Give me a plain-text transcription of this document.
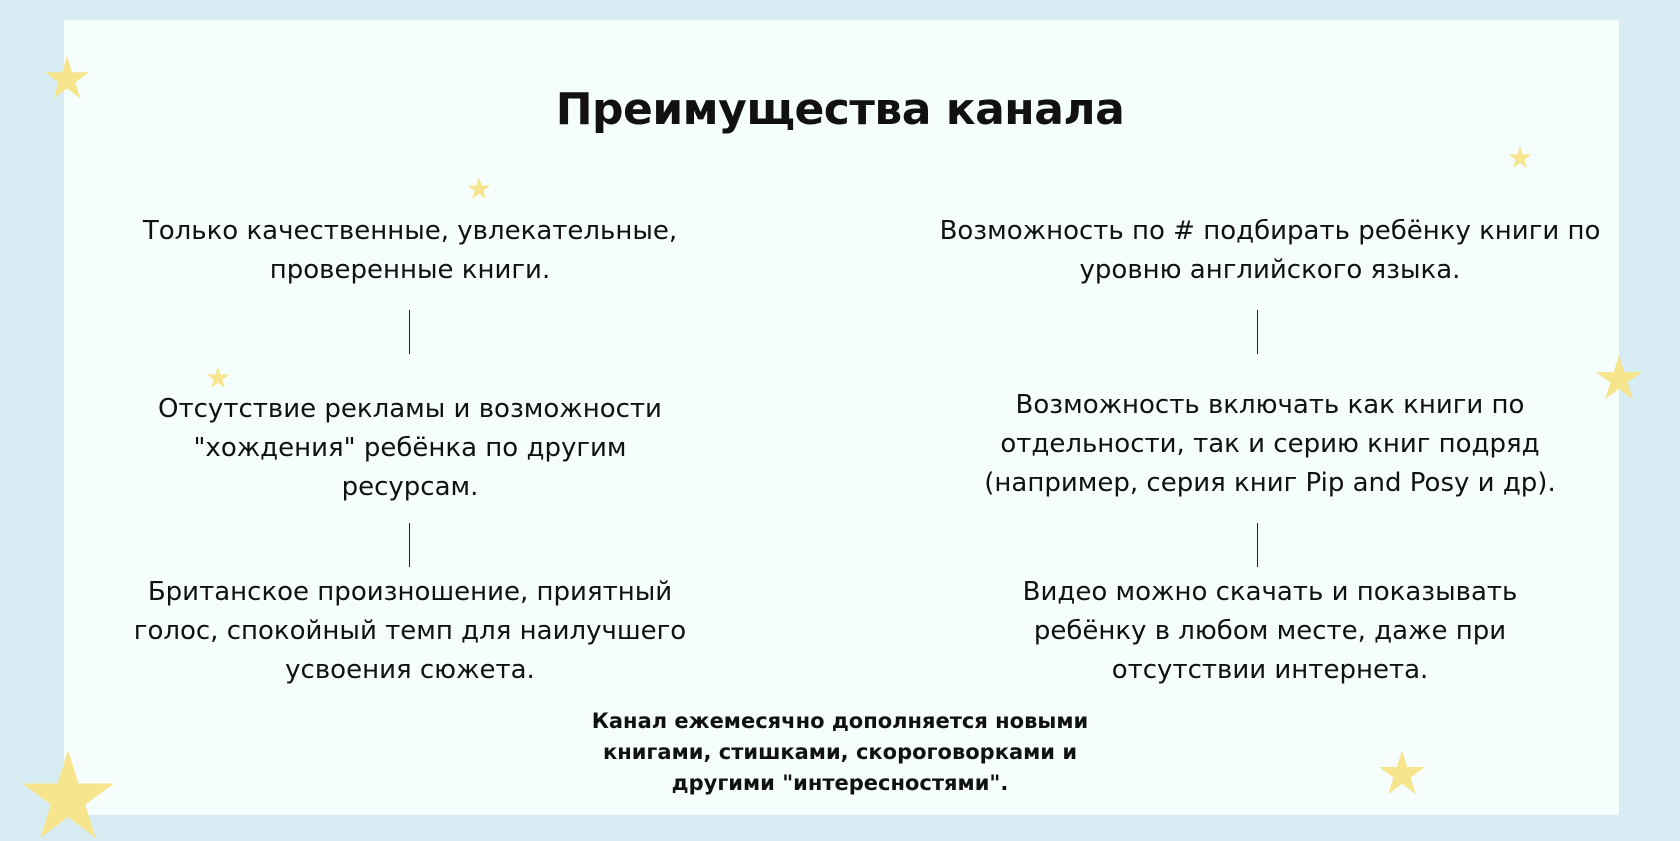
Преимущества канала
Только качественные, увлекательные,
проверенные книги.
Отсутствие рекламы и возможности
"хождения" ребёнка по другим
ресурсам.
Британское произношение, приятный
голос, спокойный темп для наилучшего
усвоения сюжета.
Возможность по # подбирать ребёнку книги по
уровню английского языка.
Возможность включать как книги по
отдельности, так и серию книг подряд
(например, серия книг Pip and Posy и др).
Видео можно скачать и показывать
ребёнку в любом месте, даже при
отсутствии интернета.
Канал ежемесячно дополняется новыми
книгами, стишками, скороговорками и
другими "интересностями".
